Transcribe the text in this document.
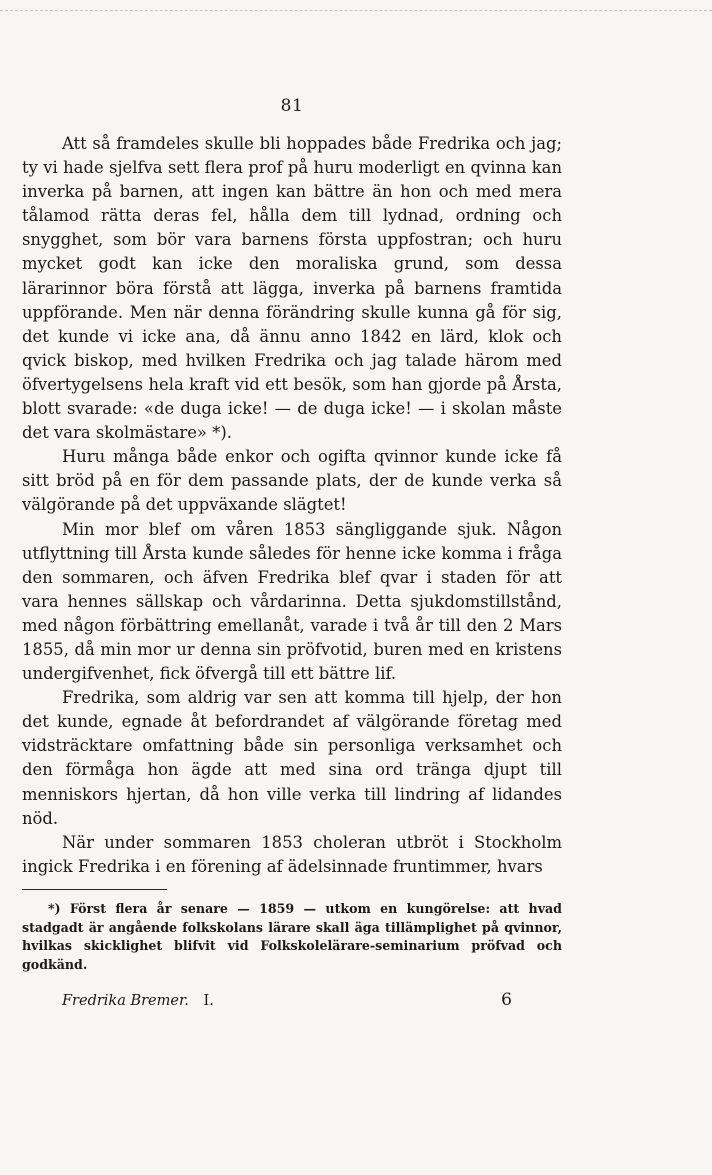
81

Att så framdeles skulle bli hoppades både Fredrika och jag; ty vi hade sjelfva sett flera prof på huru moderligt en qvinna kan inverka på barnen, att ingen kan bättre än hon och med mera tålamod rätta deras fel, hålla dem till lydnad, ordning och snygghet, som bör vara barnens första uppfostran; och huru mycket godt kan icke den moraliska grund, som dessa lärarinnor böra förstå att lägga, inverka på barnens framtida uppförande. Men när denna förändring skulle kunna gå för sig, det kunde vi icke ana, då ännu anno 1842 en lärd, klok och qvick biskop, med hvilken Fredrika och jag talade härom med öfvertygelsens hela kraft vid ett besök, som han gjorde på Årsta, blott svarade: «de duga icke! — de duga icke! — i skolan måste det vara skolmästare» *).

Huru många både enkor och ogifta qvinnor kunde icke få sitt bröd på en för dem passande plats, der de kunde verka så välgörande på det uppväxande slägtet!

Min mor blef om våren 1853 sängliggande sjuk. Någon utflyttning till Årsta kunde således för henne icke komma i fråga den sommaren, och äfven Fredrika blef qvar i staden för att vara hennes sällskap och vårdarinna. Detta sjukdomstillstånd, med någon förbättring emellanåt, varade i två år till den 2 Mars 1855, då min mor ur denna sin pröfvotid, buren med en kristens undergifvenhet, fick öfvergå till ett bättre lif.

Fredrika, som aldrig var sen att komma till hjelp, der hon det kunde, egnade åt befordrandet af välgörande företag med vidsträcktare omfattning både sin personliga verksamhet och den förmåga hon ägde att med sina ord tränga djupt till menniskors hjertan, då hon ville verka till lindring af lidandes nöd.

När under sommaren 1853 choleran utbröt i Stockholm ingick Fredrika i en förening af ädelsinnade fruntimmer, hvars

*) Först flera år senare — 1859 — utkom en kungörelse: att hvad stadgadt är angående folkskolans lärare skall äga tillämplighet på qvinnor, hvilkas skicklighet blifvit vid Folkskolelärare-seminarium pröfvad och godkänd.

Fredrika Bremer. I.	6
